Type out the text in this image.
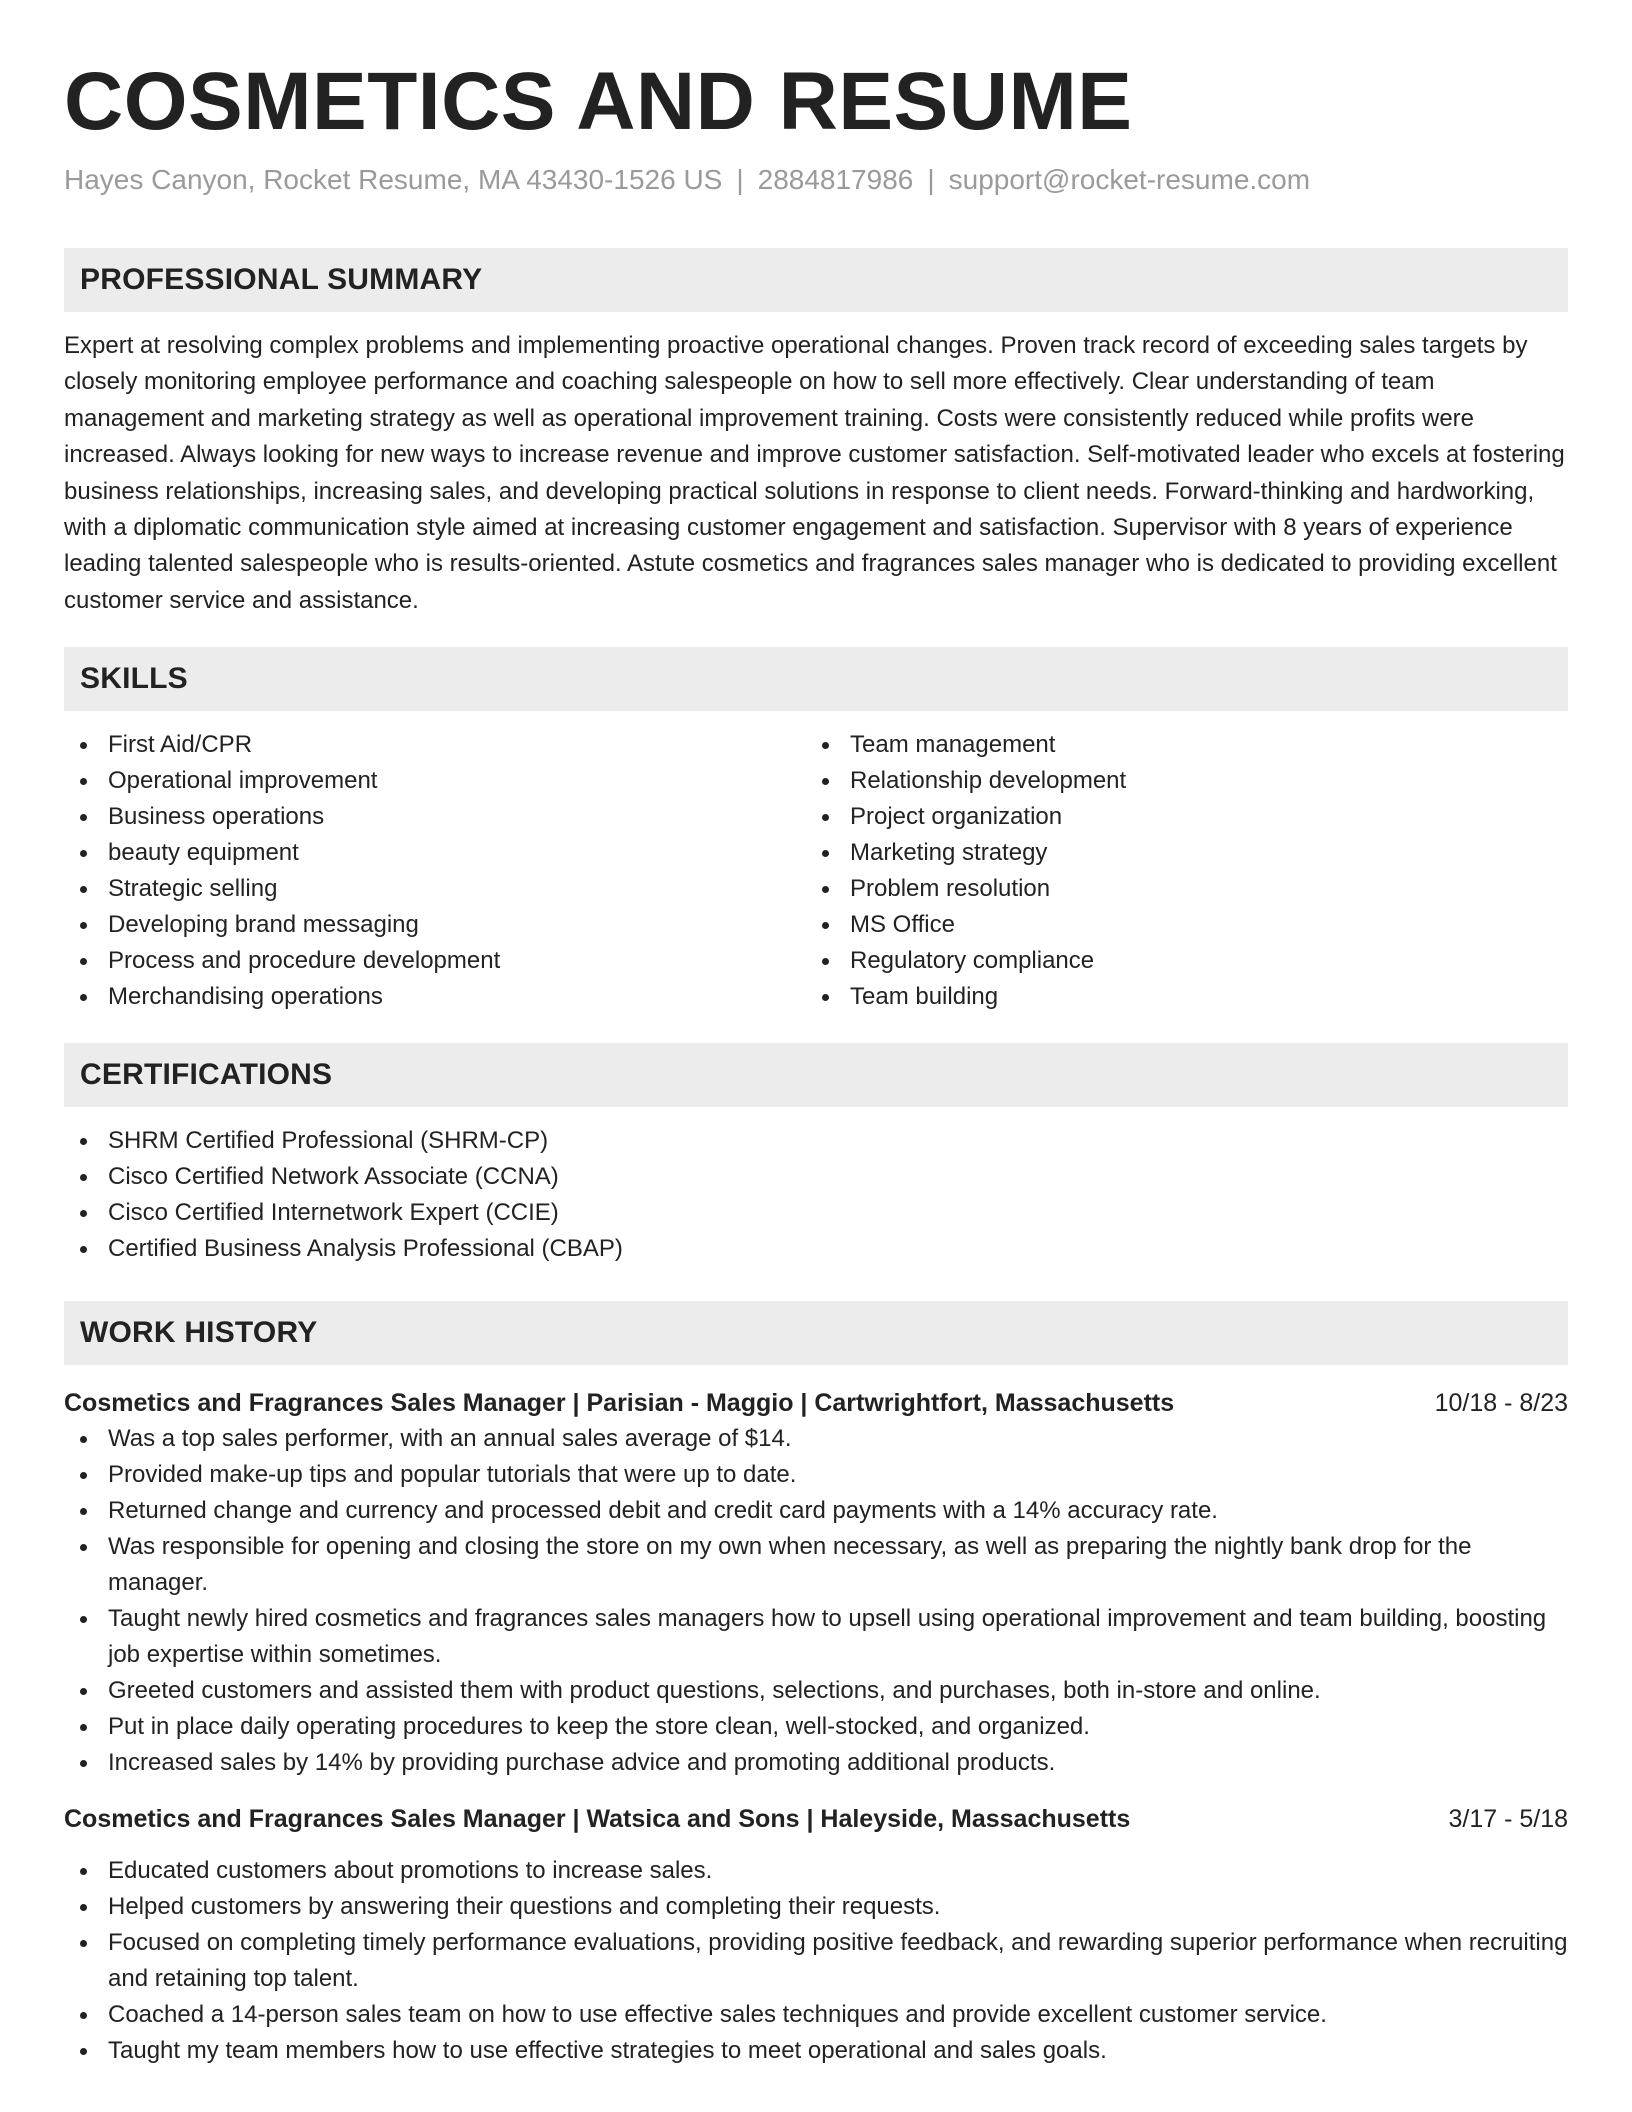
COSMETICS AND RESUME
Hayes Canyon, Rocket Resume, MA 43430-1526 US | 2884817986 | support@rocket-resume.com
PROFESSIONAL SUMMARY

Expert at resolving complex problems and implementing proactive operational changes. Proven track record of exceeding sales targets by closely monitoring employee performance and coaching salespeople on how to sell more effectively. Clear understanding of team management and marketing strategy as well as operational improvement training. Costs were consistently reduced while profits were increased. Always looking for new ways to increase revenue and improve customer satisfaction. Self-motivated leader who excels at fostering business relationships, increasing sales, and developing practical solutions in response to client needs. Forward-thinking and hardworking, with a diplomatic communication style aimed at increasing customer engagement and satisfaction. Supervisor with 8 years of experience leading talented salespeople who is results-oriented. Astute cosmetics and fragrances sales manager who is dedicated to providing excellent customer service and assistance.

SKILLS
First Aid/CPR
Operational improvement
Business operations
beauty equipment
Strategic selling
Developing brand messaging
Process and procedure development
Merchandising operations
Team management
Relationship development
Project organization
Marketing strategy
Problem resolution
MS Office
Regulatory compliance
Team building
CERTIFICATIONS
SHRM Certified Professional (SHRM-CP)
Cisco Certified Network Associate (CCNA)
Cisco Certified Internetwork Expert (CCIE)
Certified Business Analysis Professional (CBAP)
WORK HISTORY
Cosmetics and Fragrances Sales Manager | Parisian - Maggio | Cartwrightfort, Massachusetts	10/18 - 8/23
Was a top sales performer, with an annual sales average of $14.
Provided make-up tips and popular tutorials that were up to date.
Returned change and currency and processed debit and credit card payments with a 14% accuracy rate.
Was responsible for opening and closing the store on my own when necessary, as well as preparing the nightly bank drop for the manager.
Taught newly hired cosmetics and fragrances sales managers how to upsell using operational improvement and team building, boosting job expertise within sometimes.
Greeted customers and assisted them with product questions, selections, and purchases, both in-store and online.
Put in place daily operating procedures to keep the store clean, well-stocked, and organized.
Increased sales by 14% by providing purchase advice and promoting additional products.
Cosmetics and Fragrances Sales Manager | Watsica and Sons | Haleyside, Massachusetts	3/17 - 5/18
Educated customers about promotions to increase sales.
Helped customers by answering their questions and completing their requests.
Focused on completing timely performance evaluations, providing positive feedback, and rewarding superior performance when recruiting and retaining top talent.
Coached a 14-person sales team on how to use effective sales techniques and provide excellent customer service.
Taught my team members how to use effective strategies to meet operational and sales goals.
